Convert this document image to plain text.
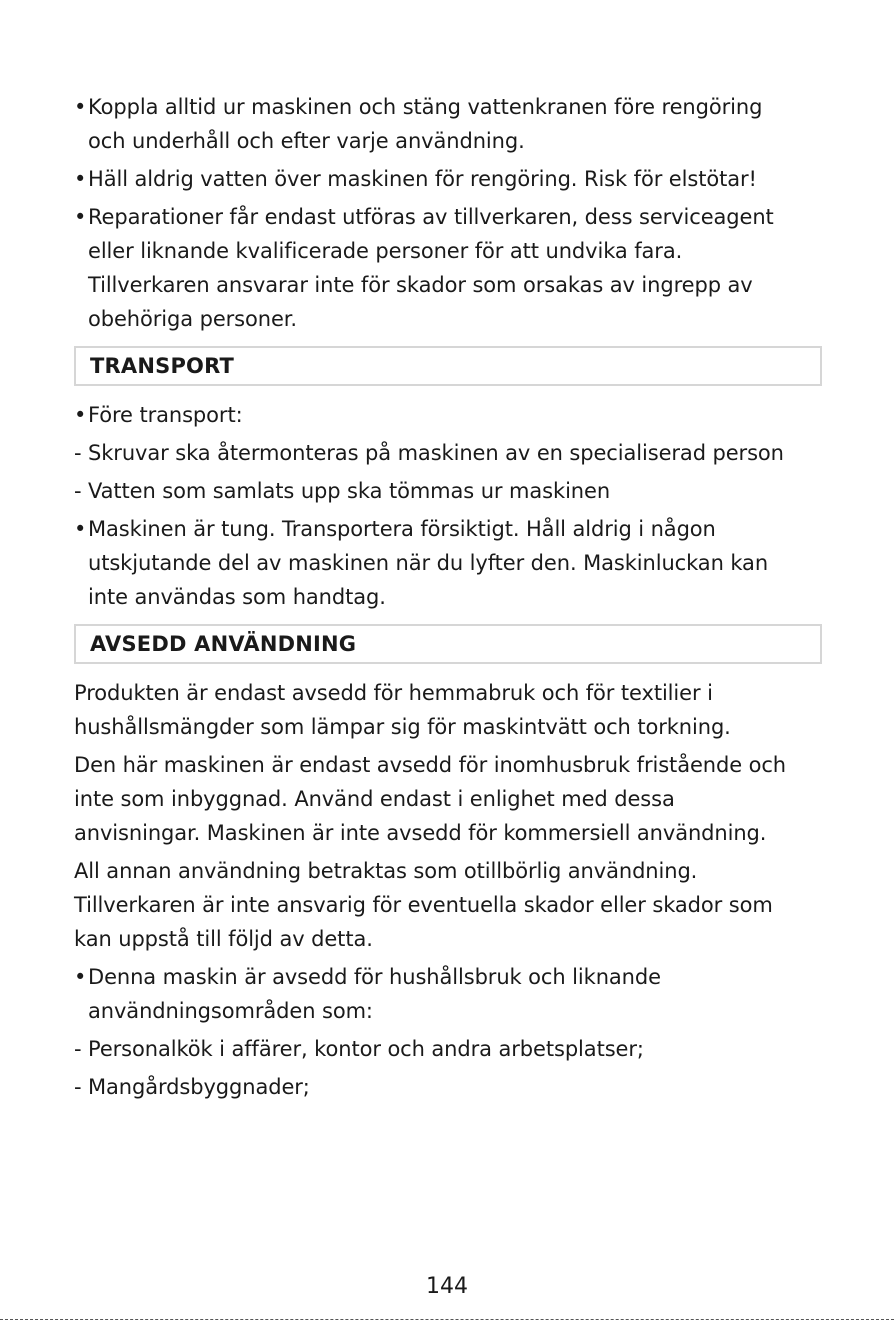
• Koppla alltid ur maskinen och stäng vattenkranen före rengöring
och underhåll och efter varje användning.
• Häll aldrig vatten över maskinen för rengöring. Risk för elstötar!
• Reparationer får endast utföras av tillverkaren, dess serviceagent
eller liknande kvalificerade personer för att undvika fara.
Tillverkaren ansvarar inte för skador som orsakas av ingrepp av
obehöriga personer.
TRANSPORT
• Före transport:
- Skruvar ska återmonteras på maskinen av en specialiserad person
- Vatten som samlats upp ska tömmas ur maskinen
• Maskinen är tung. Transportera försiktigt. Håll aldrig i någon
utskjutande del av maskinen när du lyfter den. Maskinluckan kan
inte användas som handtag.
AVSEDD ANVÄNDNING
Produkten är endast avsedd för hemmabruk och för textilier i
hushållsmängder som lämpar sig för maskintvätt och torkning.
Den här maskinen är endast avsedd för inomhusbruk fristående och
inte som inbyggnad. Använd endast i enlighet med dessa
anvisningar. Maskinen är inte avsedd för kommersiell användning.
All annan användning betraktas som otillbörlig användning.
Tillverkaren är inte ansvarig för eventuella skador eller skador som
kan uppstå till följd av detta.
• Denna maskin är avsedd för hushållsbruk och liknande
användningsområden som:
- Personalkök i affärer, kontor och andra arbetsplatser;
- Mangårdsbyggnader;
144
